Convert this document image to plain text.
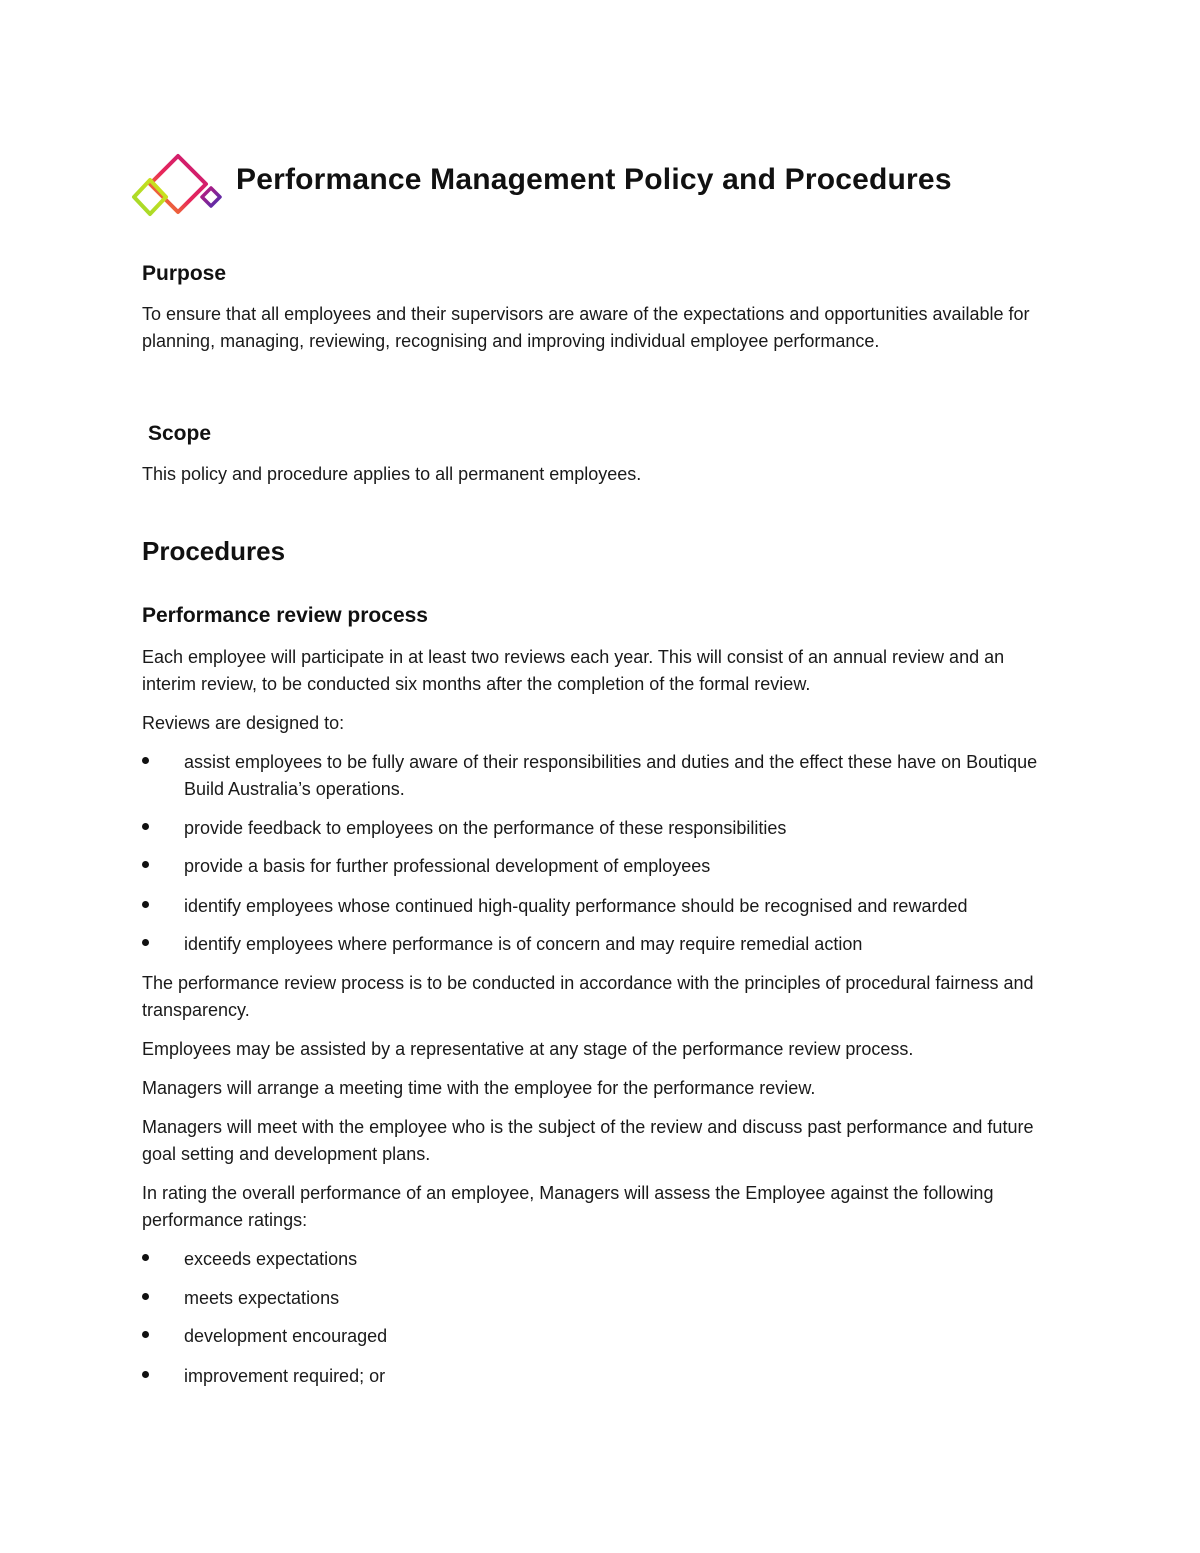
Performance Management Policy and Procedures
Purpose

To ensure that all employees and their supervisors are aware of the expectations and opportunities available for planning, managing, reviewing, recognising and improving individual employee performance.

Scope

This policy and procedure applies to all permanent employees.

Procedures
Performance review process

Each employee will participate in at least two reviews each year. This will consist of an annual review and an interim review, to be conducted six months after the completion of the formal review.

Reviews are designed to:

assist employees to be fully aware of their responsibilities and duties and the effect these have on Boutique Build Australia’s operations.

provide feedback to employees on the performance of these responsibilities

provide a basis for further professional development of employees

identify employees whose continued high-quality performance should be recognised and rewarded

identify employees where performance is of concern and may require remedial action

The performance review process is to be conducted in accordance with the principles of procedural fairness and transparency.

Employees may be assisted by a representative at any stage of the performance review process.

Managers will arrange a meeting time with the employee for the performance review.

Managers will meet with the employee who is the subject of the review and discuss past performance and future goal setting and development plans.

In rating the overall performance of an employee, Managers will assess the Employee against the following performance ratings:

exceeds expectations

meets expectations

development encouraged

improvement required; or
